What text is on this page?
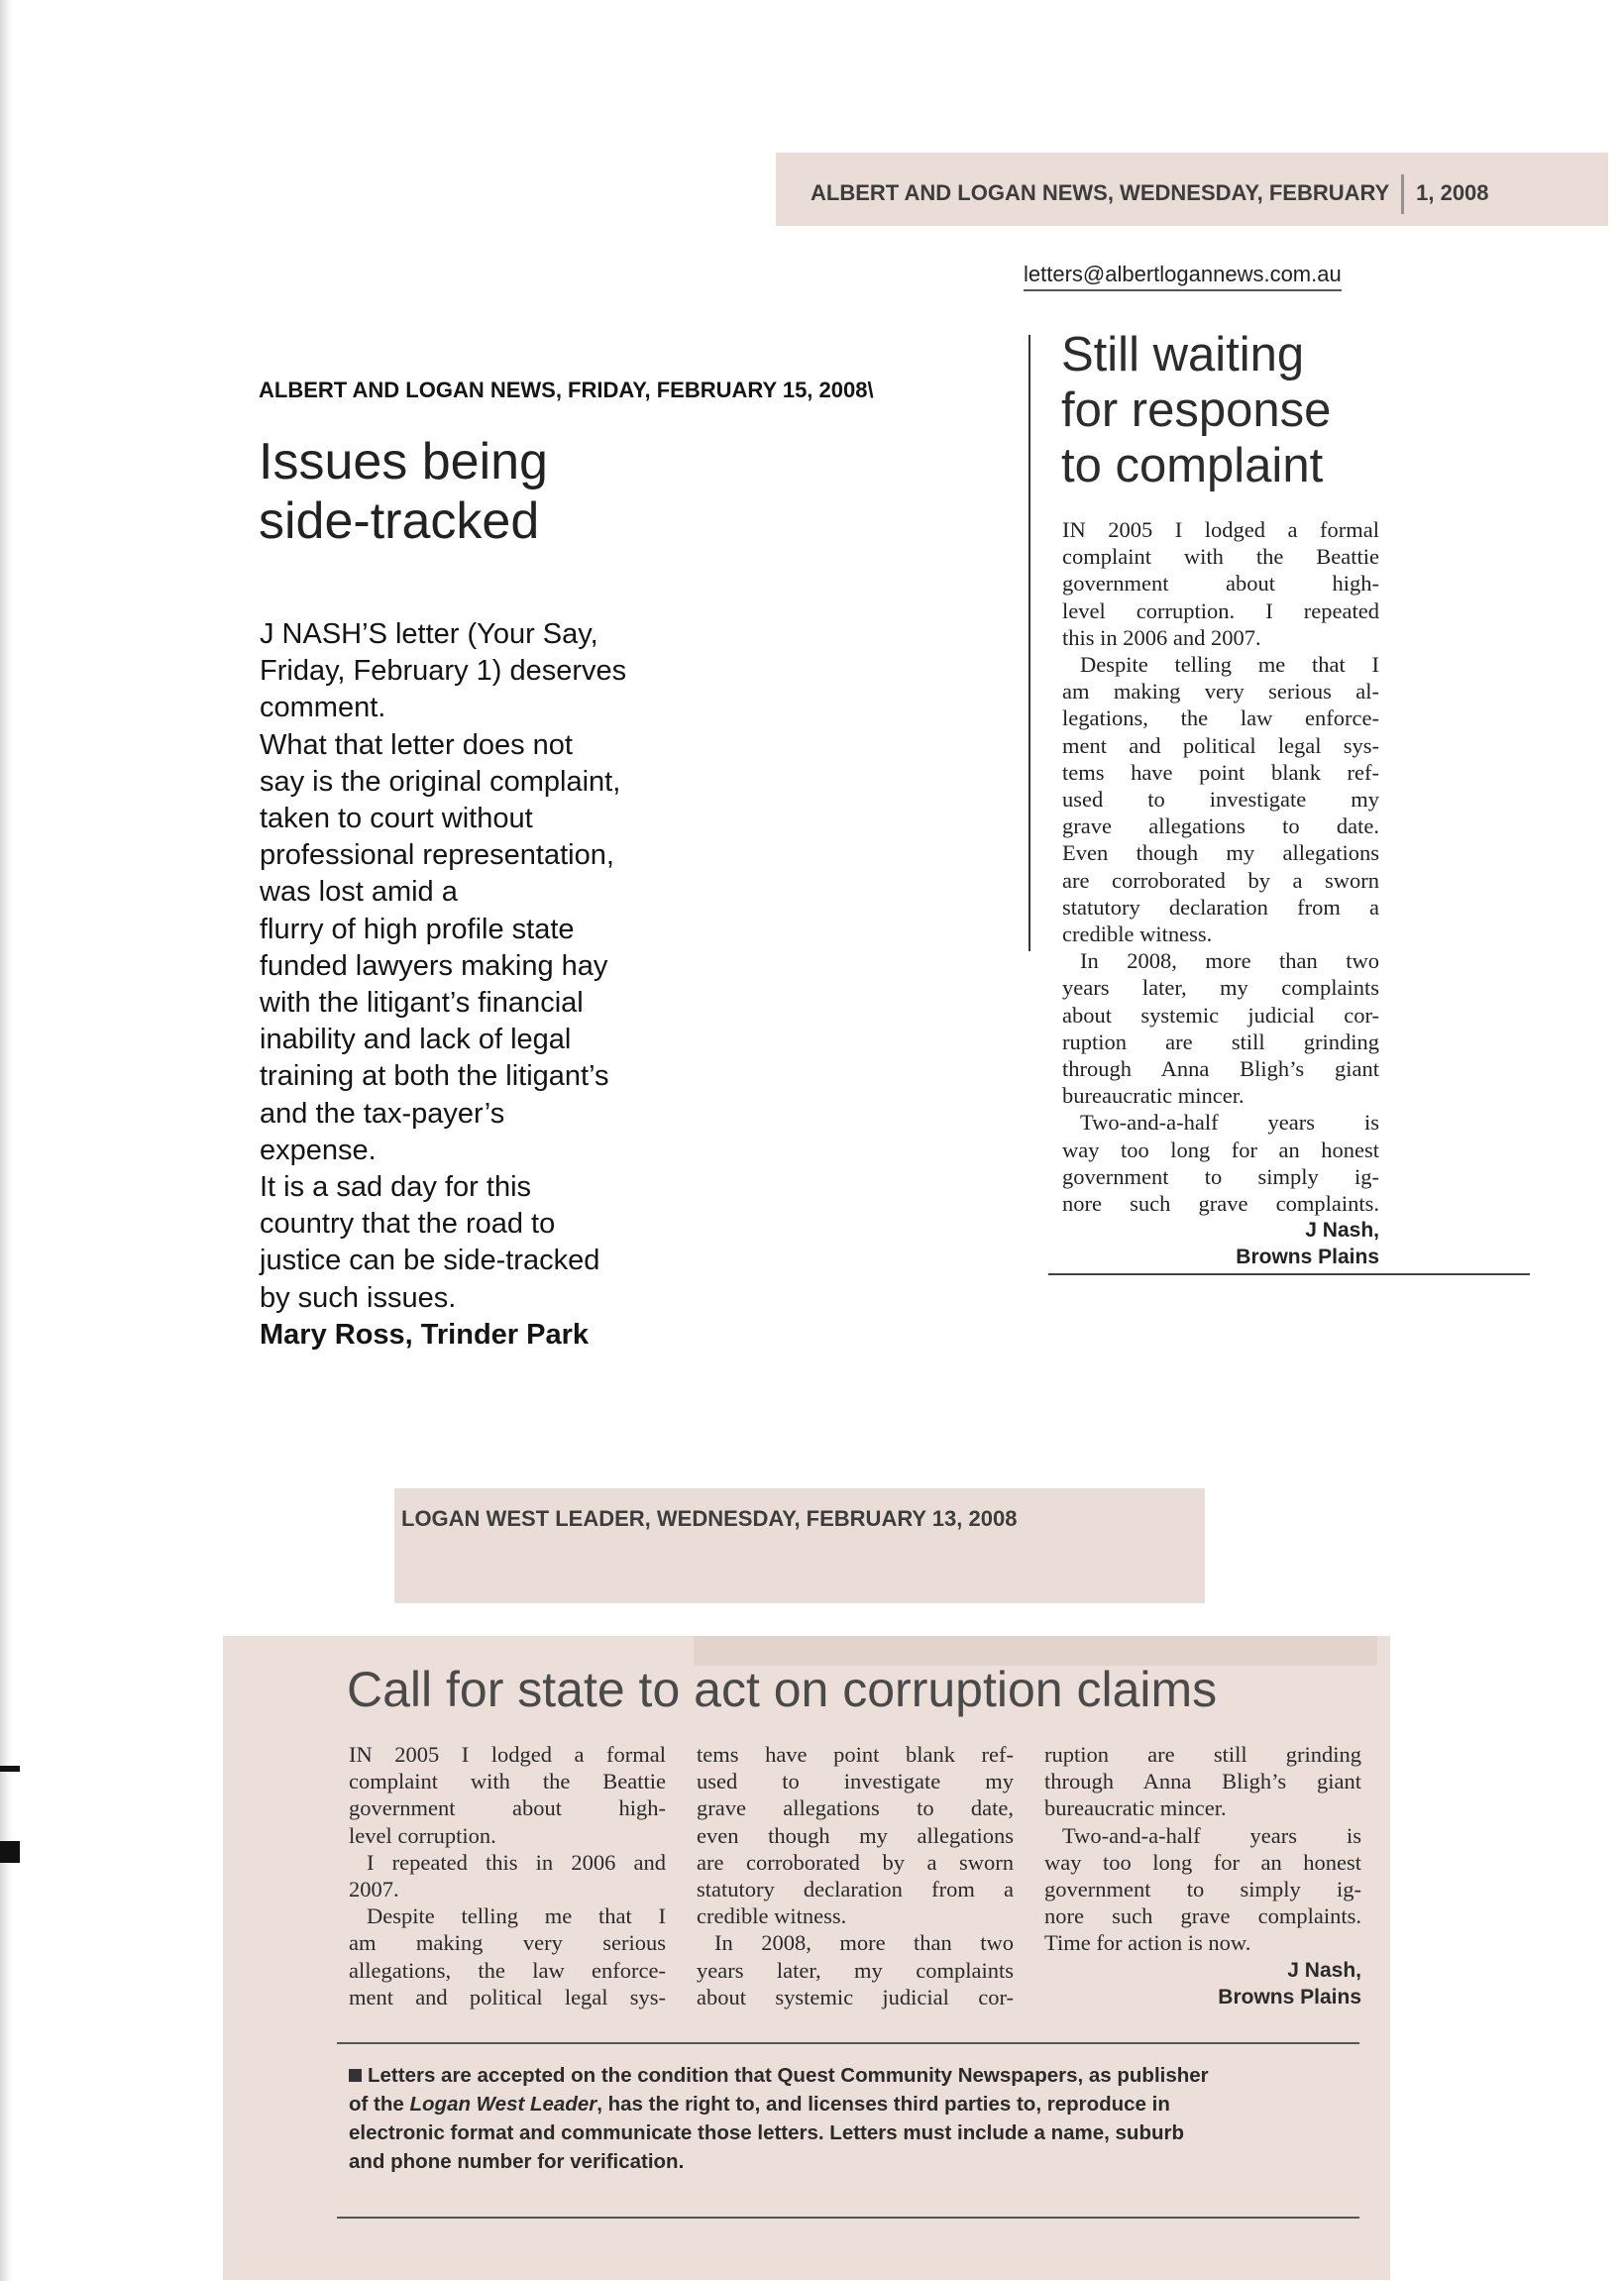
ALBERT AND LOGAN NEWS, WEDNESDAY, FEBRUARY 1, 2008
letters@albertlogannews.com.au
ALBERT AND LOGAN NEWS, FRIDAY, FEBRUARY 15, 2008\
Issues being
side-tracked
J NASH’S letter (Your Say,
Friday, February 1) deserves
comment.
What that letter does not
say is the original complaint,
taken to court without
professional representation,
was lost amid a
flurry of high profile state
funded lawyers making hay
with the litigant’s financial
inability and lack of legal
training at both the litigant’s
and the tax-payer’s
expense.
It is a sad day for this
country that the road to
justice can be side-tracked
by such issues.
Mary Ross, Trinder Park
Still waiting
for response
to complaint
IN 2005 I lodged a formal
complaint with the Beattie
government about high-
level corruption. I repeated
this in 2006 and 2007.
Despite telling me that I
am making very serious al-
legations, the law enforce-
ment and political legal sys-
tems have point blank ref-
used to investigate my
grave allegations to date.
Even though my allegations
are corroborated by a sworn
statutory declaration from a
credible witness.
In 2008, more than two
years later, my complaints
about systemic judicial cor-
ruption are still grinding
through Anna Bligh’s giant
bureaucratic mincer.
Two-and-a-half years is
way too long for an honest
government to simply ig-
nore such grave complaints.
J Nash,
Browns Plains
LOGAN WEST LEADER, WEDNESDAY, FEBRUARY 13, 2008
Call for state to act on corruption claims
IN 2005 I lodged a formal
complaint with the Beattie
government about high-
level corruption.
I repeated this in 2006 and
2007.
Despite telling me that I
am making very serious
allegations, the law enforce-
ment and political legal sys-
tems have point blank ref-
used to investigate my
grave allegations to date,
even though my allegations
are corroborated by a sworn
statutory declaration from a
credible witness.
In 2008, more than two
years later, my complaints
about systemic judicial cor-
ruption are still grinding
through Anna Bligh’s giant
bureaucratic mincer.
Two-and-a-half years is
way too long for an honest
government to simply ig-
nore such grave complaints.
Time for action is now.
J Nash,
Browns Plains
Letters are accepted on the condition that Quest Community Newspapers, as publisher
of the Logan West Leader, has the right to, and licenses third parties to, reproduce in
electronic format and communicate those letters. Letters must include a name, suburb
and phone number for verification.
